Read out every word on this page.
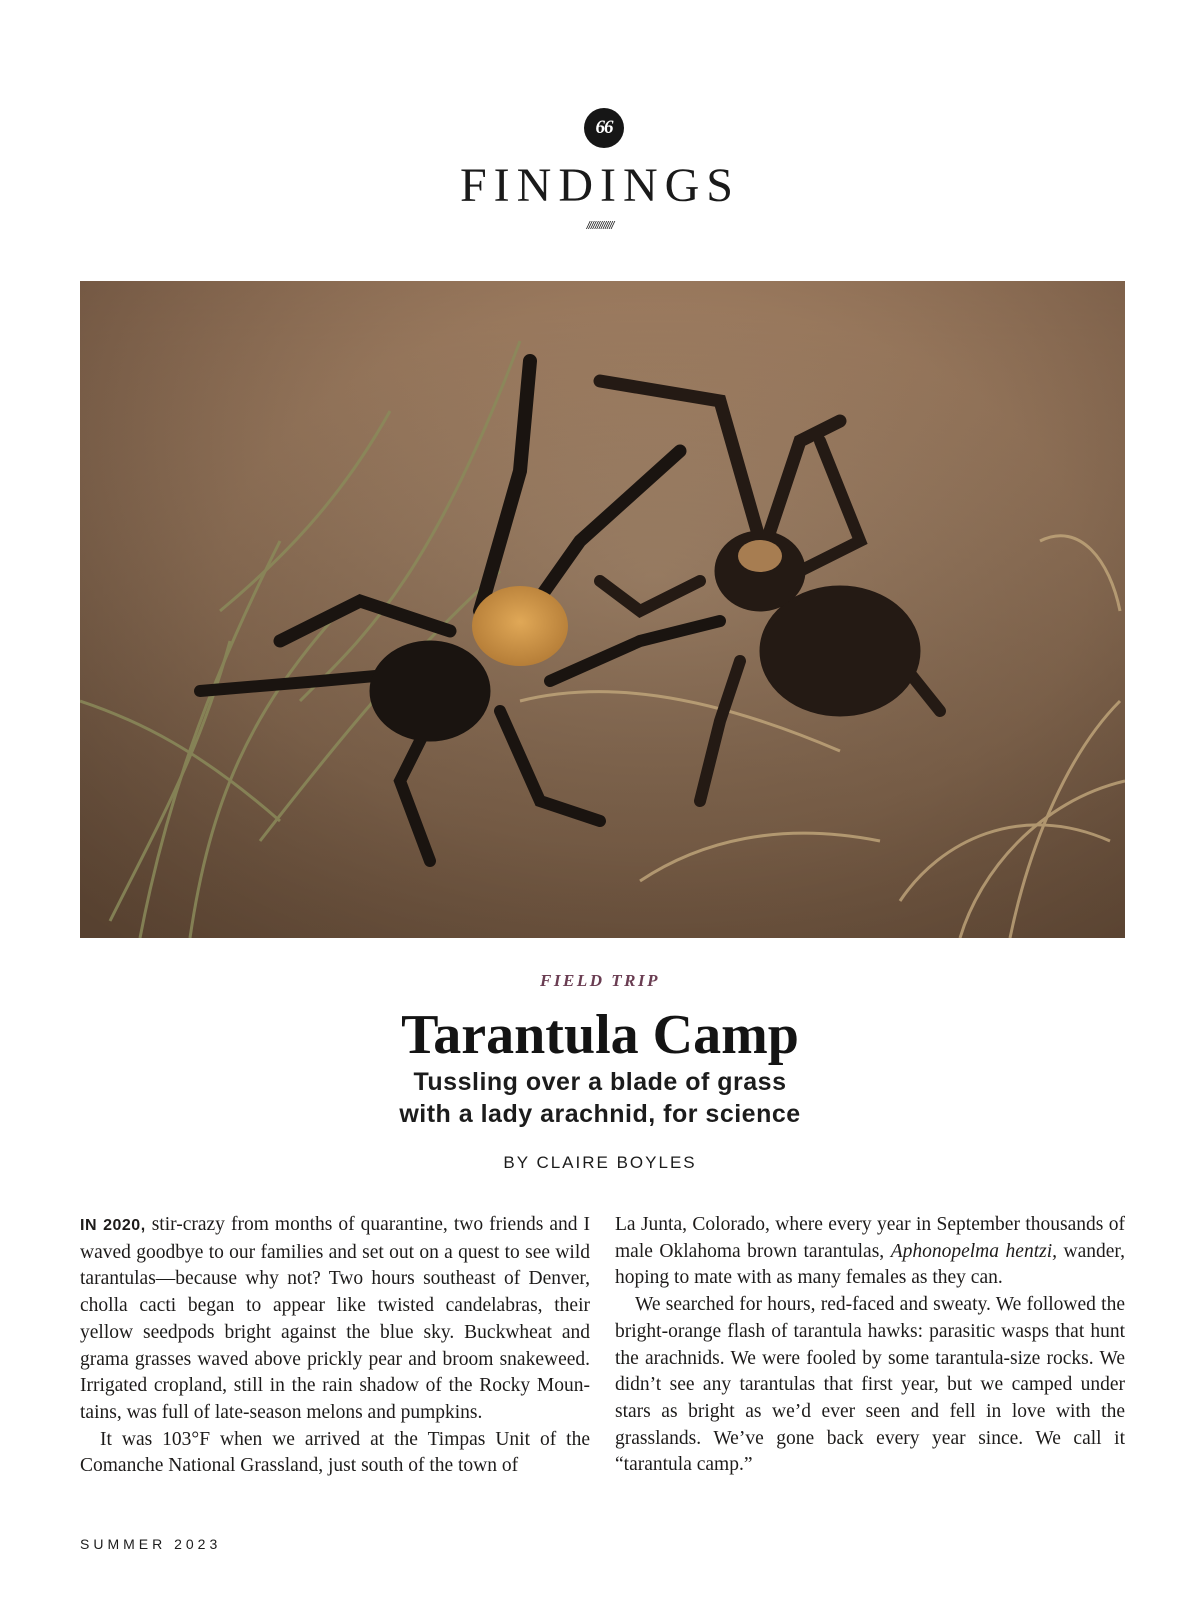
66
FINDINGS
/////////////
FIELD TRIP
Tarantula Camp
Tussling over a blade of grass
with a lady arachnid, for science
BY CLAIRE BOYLES

IN 2020, stir-crazy from months of quarantine, two friends and I waved goodbye to our families and set out on a quest to see wild tarantulas—because why not? Two hours southeast of Denver, cholla cacti began to appear like twisted candelabras, their yellow seedpods bright against the blue sky. Buckwheat and grama grasses waved above prickly pear and broom snakeweed. Irrigated cropland, still in the rain shadow of the Rocky Mountains, was full of late-season melons and pumpkins.

It was 103°F when we arrived at the Timpas Unit of the Comanche National Grassland, just south of the town of

La Junta, Colorado, where every year in September thousands of male Oklahoma brown tarantulas, Aphonopelma hentzi, wander, hoping to mate with as many females as they can.

We searched for hours, red-faced and sweaty. We followed the bright-orange flash of tarantula hawks: parasitic wasps that hunt the arachnids. We were fooled by some tarantula-size rocks. We didn’t see any tarantulas that first year, but we camped under stars as bright as we’d ever seen and fell in love with the grasslands. We’ve gone back every year since. We call it “tarantula camp.”

SUMMER 2023
